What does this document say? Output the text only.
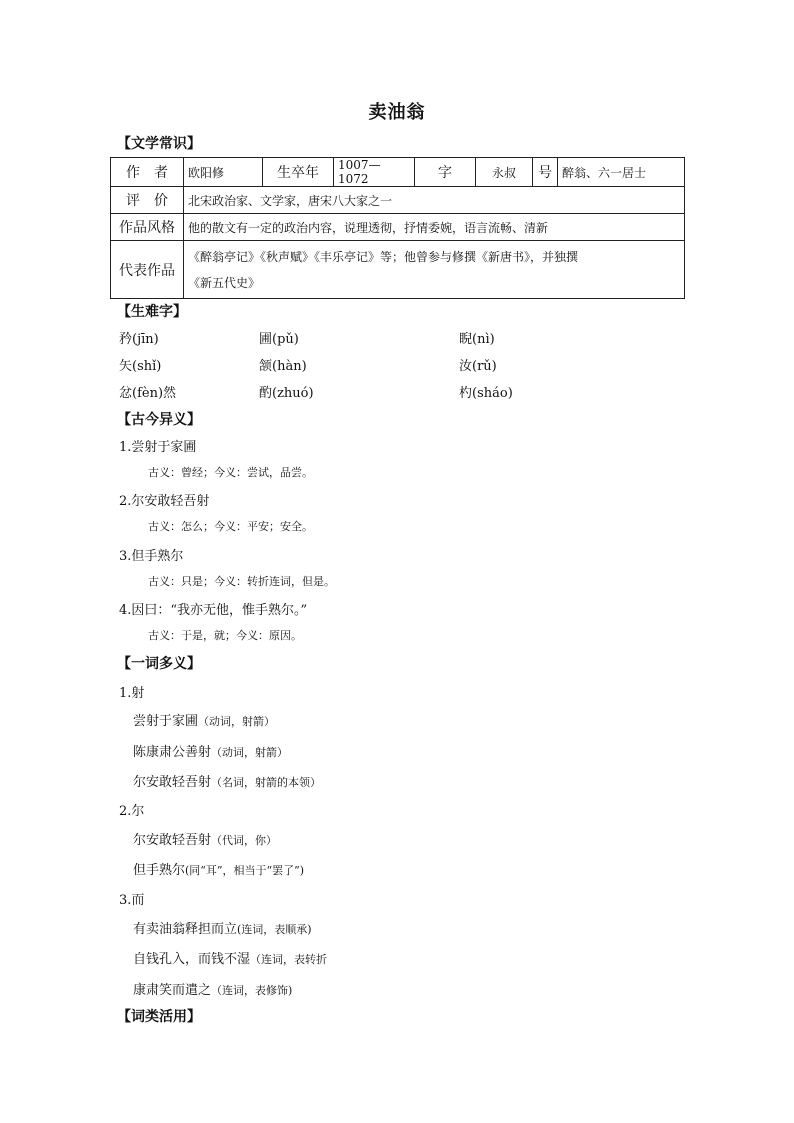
卖油翁
【文学常识】
作　者	欧阳修	生卒年	1007—1072	字	永叔	号	醉翁、六一居士
评　价	北宋政治家、文学家，唐宋八大家之一						
作品风格	他的散文有一定的政治内容，说理透彻，抒情委婉，语言流畅、清新						
代表作品	《醉翁亭记》《秋声赋》《丰乐亭记》等；他曾参与修撰《新唐书》，并独撰
《新五代史》						
【生难字】
矜(jīn)	圃(pǔ)	睨(nì)
矢(shǐ)	颔(hàn)	汝(rǔ)
忿(fèn)然	酌(zhuó)	杓(sháo)
【古今异义】
1.尝射于家圃
古义：曾经；今义：尝试，品尝。
2.尔安敢轻吾射
古义：怎么；今义：平安；安全。
3.但手熟尔
古义：只是；今义：转折连词，但是。
4.因曰：“我亦无他，惟手熟尔。”
古义：于是，就；今义：原因。
【一词多义】
1.射
尝射于家圃（动词，射箭）
陈康肃公善射（动词，射箭）
尔安敢轻吾射（名词，射箭的本领）
2.尔
尔安敢轻吾射（代词，你）
但手熟尔(同“耳”，相当于“罢了”)
3.而
有卖油翁释担而立(连词，表顺承)
自钱孔入，而钱不湿（连词，表转折
康肃笑而遣之（连词，表修饰)
【词类活用】
